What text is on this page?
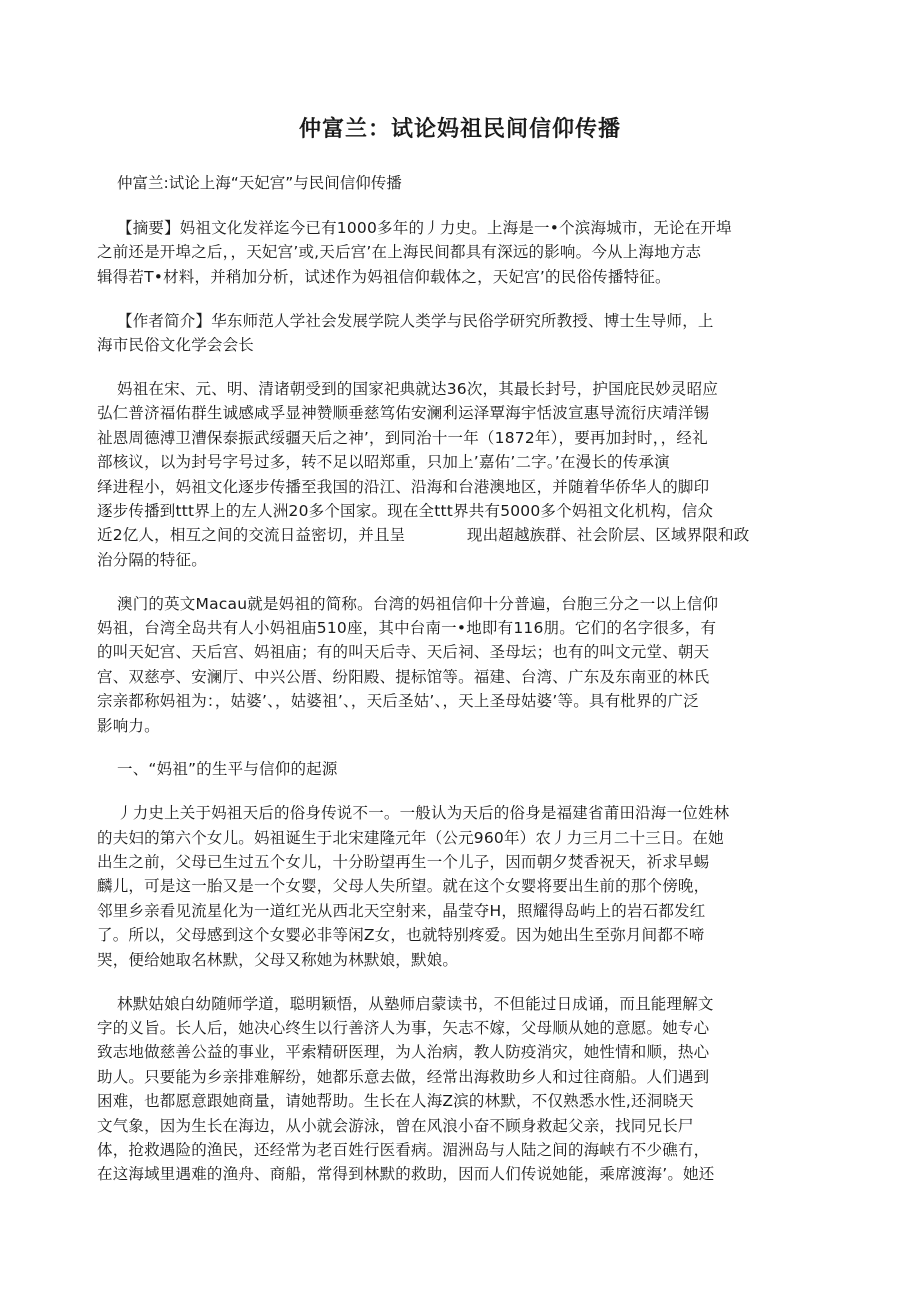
仲富兰：试论妈祖民间信仰传播
仲富兰:试论上海“天妃宫”与民间信仰传播
【摘要】妈祖文化发祥迄今已有1000多年的丿力史。上海是一•个滨海城市，无论在开埠
之前还是开埠之后，，天妃宫’或,天后宫’在上海民间都具有深远的影响。今从上海地方志
辑得若T•材料，并稍加分析，试述作为妈祖信仰载体之，天妃宫’的民俗传播特征。
【作者简介】华东师范人学社会发展学院人类学与民俗学研究所教授、博士生导师，上
海市民俗文化学会会长
妈祖在宋、元、明、清诸朝受到的国家祀典就达36次，其最长封号，护国庇民妙灵昭应
弘仁普济福佑群生诚感咸孚显神赞顺垂慈笃佑安澜利运泽覃海宇恬波宣惠导流衍庆靖洋锡
祉恩周德溥卫漕保泰振武绥疆天后之神’，到同治十一年（1872年），要再加封时，，经礼
部核议，以为封号字号过多，转不足以昭郑重，只加上’嘉佑’二字。’在漫长的传承演
绎进程小，妈祖文化逐步传播至我国的沿江、沿海和台港澳地区，并随着华侨华人的脚印
逐步传播到ttt界上的左人洲20多个国家。现在全ttt界共有5000多个妈祖文化机构，信众
近2亿人，相互之间的交流日益密切，并且呈            现出超越族群、社会阶层、区域界限和政
治分隔的特征。
澳门的英文Macau就是妈祖的简称。台湾的妈祖信仰十分普遍，台胞三分之一以上信仰
妈祖，台湾全岛共有人小妈祖庙510座，其中台南一•地即有116朋。它们的名字很多，有
的叫天妃宫、天后宫、妈祖庙；有的叫天后寺、天后祠、圣母坛；也有的叫文元堂、朝天
宫、双慈亭、安澜厅、中兴公厝、纷阳殿、提标馆等。福建、台湾、广东及东南亚的林氏
宗亲都称妈祖为：，姑婆’、，姑婆祖’、，天后圣姑’、，天上圣母姑婆’等。具有枇界的广泛
影响力。
一、“妈祖”的生平与信仰的起源
丿力史上关于妈祖天后的俗身传说不一。一般认为天后的俗身是福建省莆田沿海一位姓林
的夫妇的第六个女儿。妈祖诞生于北宋建隆元年（公元960年）农丿力三月二十三日。在她
出生之前，父母已生过五个女儿，十分盼望再生一个儿子，因而朝夕焚香祝天，祈求早蜴
麟儿，可是这一胎又是一个女婴，父母人失所望。就在这个女婴将要出生前的那个傍晚，
邻里乡亲看见流星化为一道红光从西北天空射来，晶莹夺H，照耀得岛屿上的岩石都发红
了。所以，父母感到这个女婴必非等闲Z女，也就特别疼爱。因为她出生至弥月间都不啼
哭，便给她取名林默，父母又称她为林默娘，默娘。
林默姑娘白幼随师学道，聪明颖悟，从塾师启蒙读书，不但能过日成诵，而且能理解文
字的义旨。长人后，她决心终生以行善济人为事，矢志不嫁，父母顺从她的意愿。她专心
致志地做慈善公益的事业，平索精研医理，为人治病，教人防疫消灾，她性情和顺，热心
助人。只要能为乡亲排难解纷，她都乐意去做，经常出海救助乡人和过往商船。人们遇到
困难，也都愿意跟她商量，请她帮助。生长在人海Z滨的林默，不仅熟悉水性,还洞晓天
文气象，因为生长在海边，从小就会游泳，曾在风浪小奋不顾身救起父亲，找同兄长尸
体，抢救遇险的渔民，还经常为老百姓行医看病。湄洲岛与人陆之间的海峡冇不少礁冇，
在这海域里遇难的渔舟、商船，常得到林默的救助，因而人们传说她能，乘席渡海’。她还
